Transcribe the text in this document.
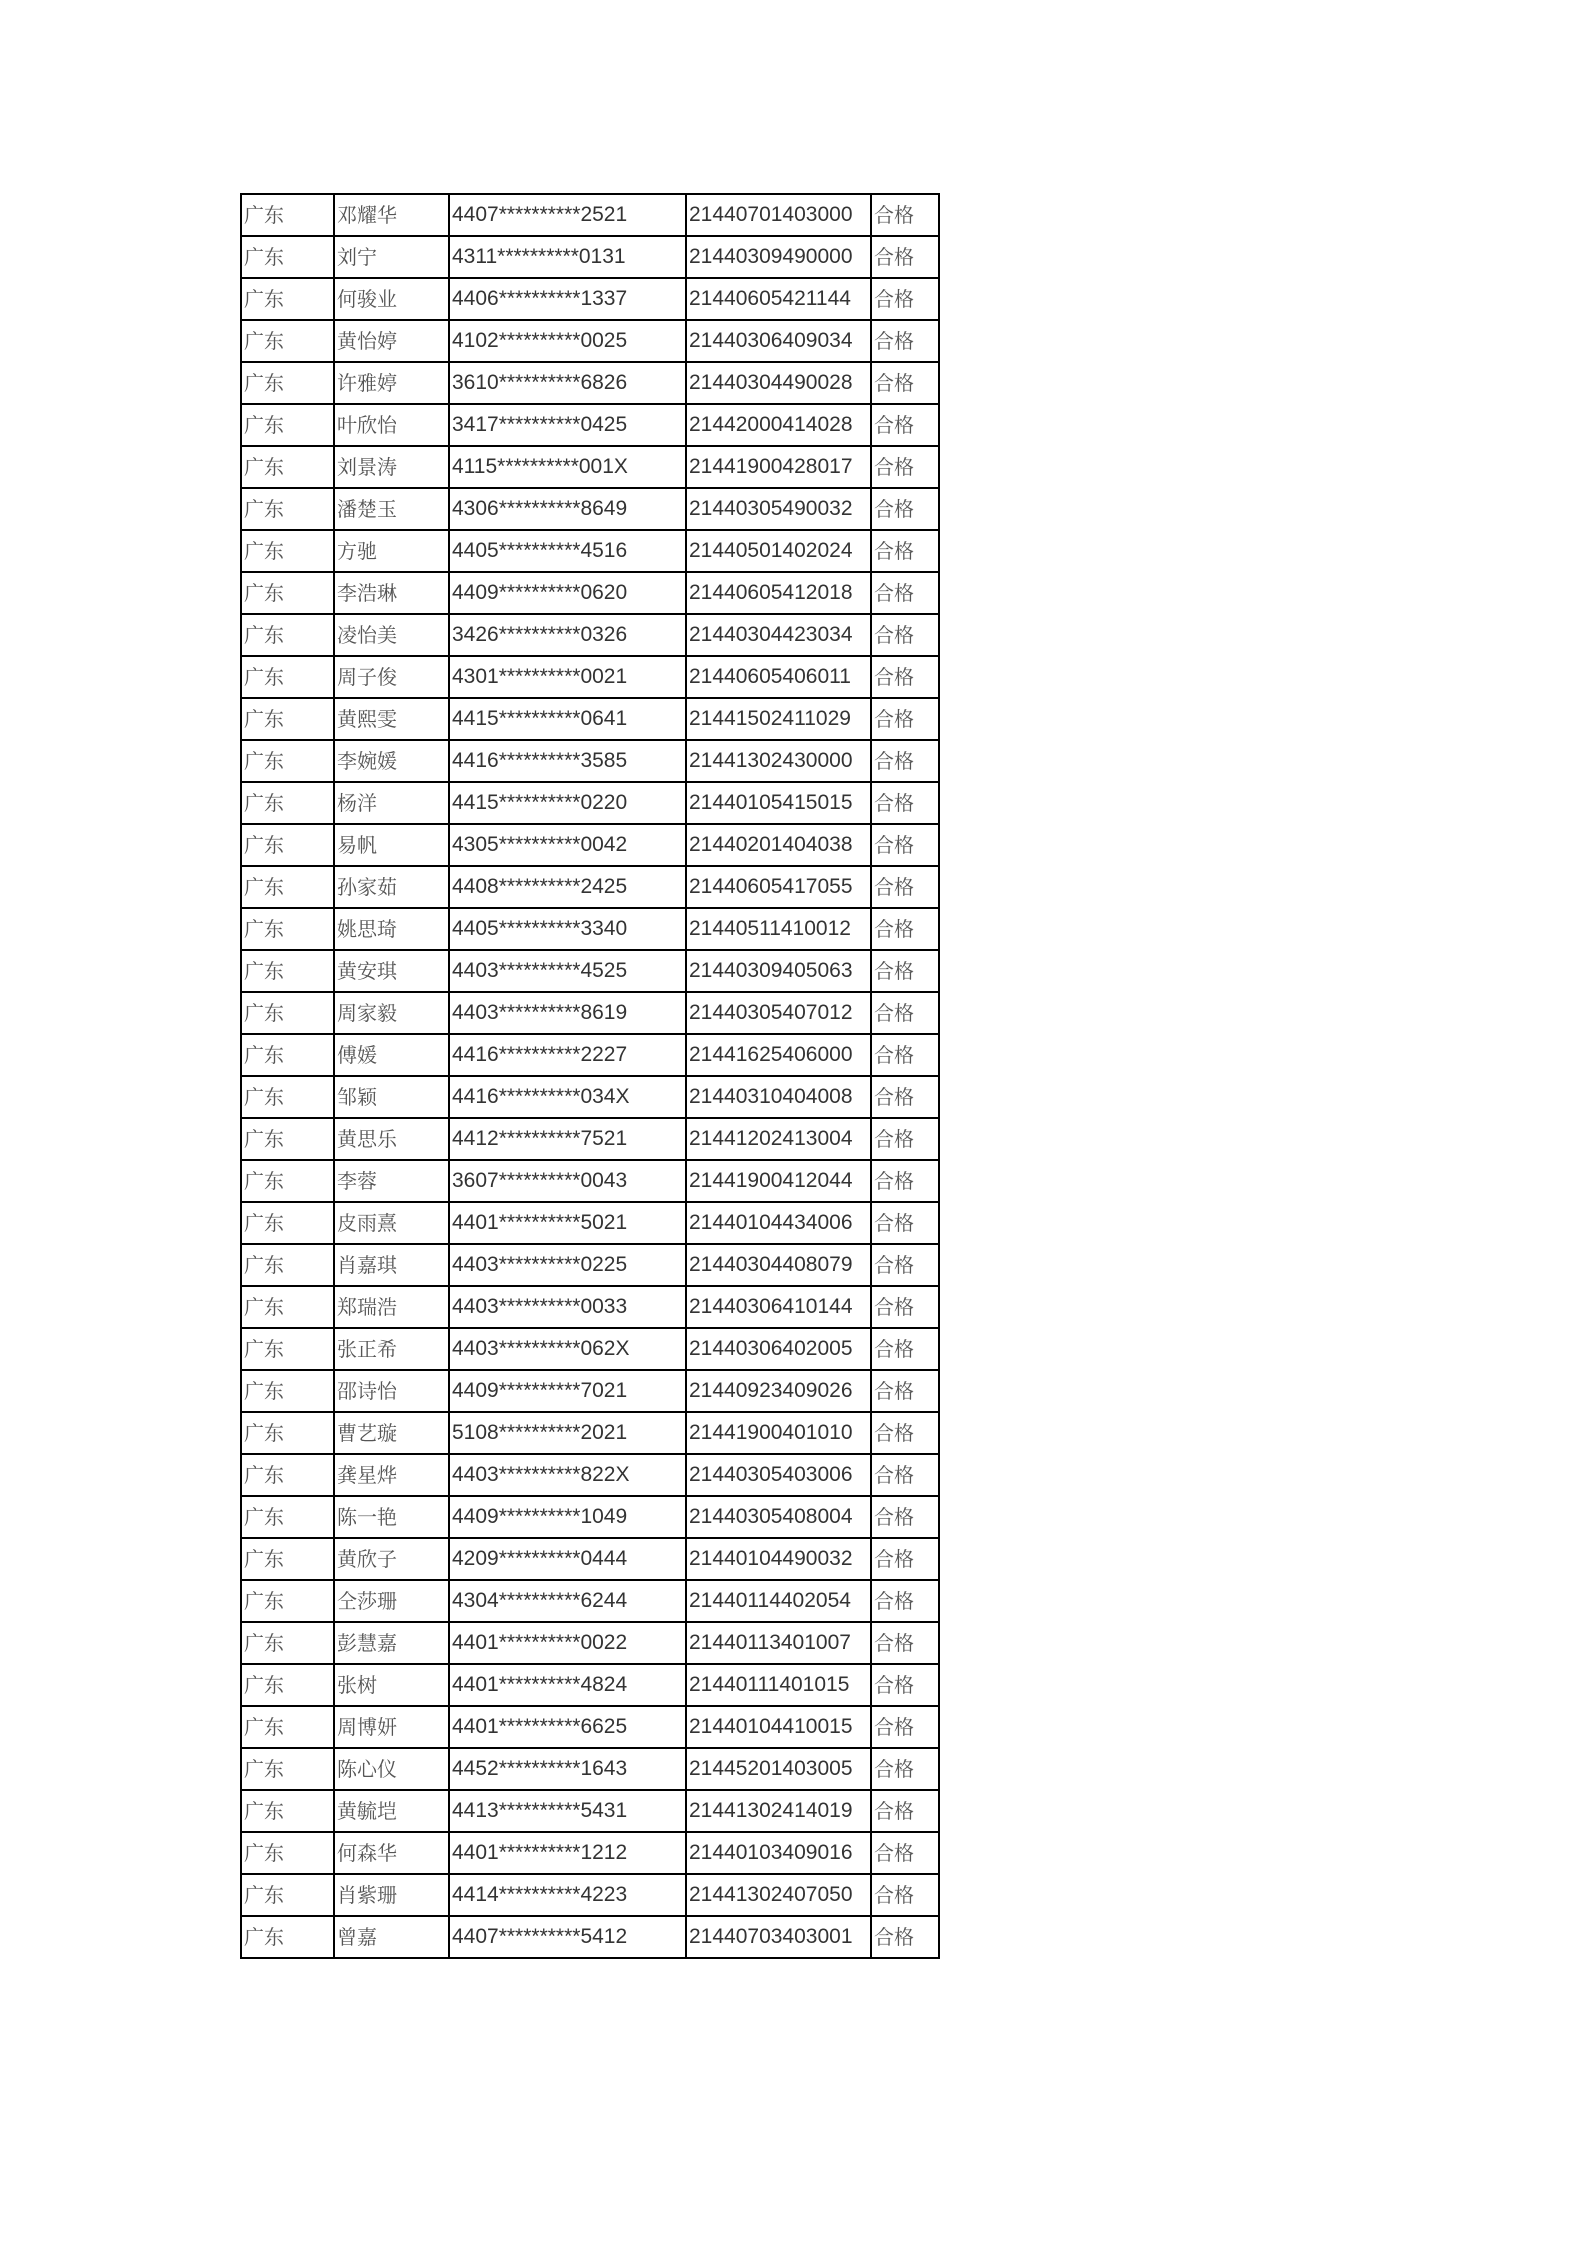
广东	邓耀华	4407**********2521	21440701403000	合格
广东	刘宁	4311**********0131	21440309490000	合格
广东	何骏业	4406**********1337	21440605421144	合格
广东	黄怡婷	4102**********0025	21440306409034	合格
广东	许雅婷	3610**********6826	21440304490028	合格
广东	叶欣怡	3417**********0425	21442000414028	合格
广东	刘景涛	4115**********001X	21441900428017	合格
广东	潘楚玉	4306**********8649	21440305490032	合格
广东	方驰	4405**********4516	21440501402024	合格
广东	李浩琳	4409**********0620	21440605412018	合格
广东	凌怡美	3426**********0326	21440304423034	合格
广东	周子俊	4301**********0021	21440605406011	合格
广东	黄熙雯	4415**********0641	21441502411029	合格
广东	李婉媛	4416**********3585	21441302430000	合格
广东	杨洋	4415**********0220	21440105415015	合格
广东	易帆	4305**********0042	21440201404038	合格
广东	孙家茹	4408**********2425	21440605417055	合格
广东	姚思琦	4405**********3340	21440511410012	合格
广东	黄安琪	4403**********4525	21440309405063	合格
广东	周家毅	4403**********8619	21440305407012	合格
广东	傅媛	4416**********2227	21441625406000	合格
广东	邹颖	4416**********034X	21440310404008	合格
广东	黄思乐	4412**********7521	21441202413004	合格
广东	李蓉	3607**********0043	21441900412044	合格
广东	皮雨熹	4401**********5021	21440104434006	合格
广东	肖嘉琪	4403**********0225	21440304408079	合格
广东	郑瑞浩	4403**********0033	21440306410144	合格
广东	张正希	4403**********062X	21440306402005	合格
广东	邵诗怡	4409**********7021	21440923409026	合格
广东	曹艺璇	5108**********2021	21441900401010	合格
广东	龚星烨	4403**********822X	21440305403006	合格
广东	陈一艳	4409**********1049	21440305408004	合格
广东	黄欣子	4209**********0444	21440104490032	合格
广东	仝莎珊	4304**********6244	21440114402054	合格
广东	彭慧嘉	4401**********0022	21440113401007	合格
广东	张树	4401**********4824	21440111401015	合格
广东	周博妍	4401**********6625	21440104410015	合格
广东	陈心仪	4452**********1643	21445201403005	合格
广东	黄毓垲	4413**********5431	21441302414019	合格
广东	何森华	4401**********1212	21440103409016	合格
广东	肖紫珊	4414**********4223	21441302407050	合格
广东	曾嘉	4407**********5412	21440703403001	合格
